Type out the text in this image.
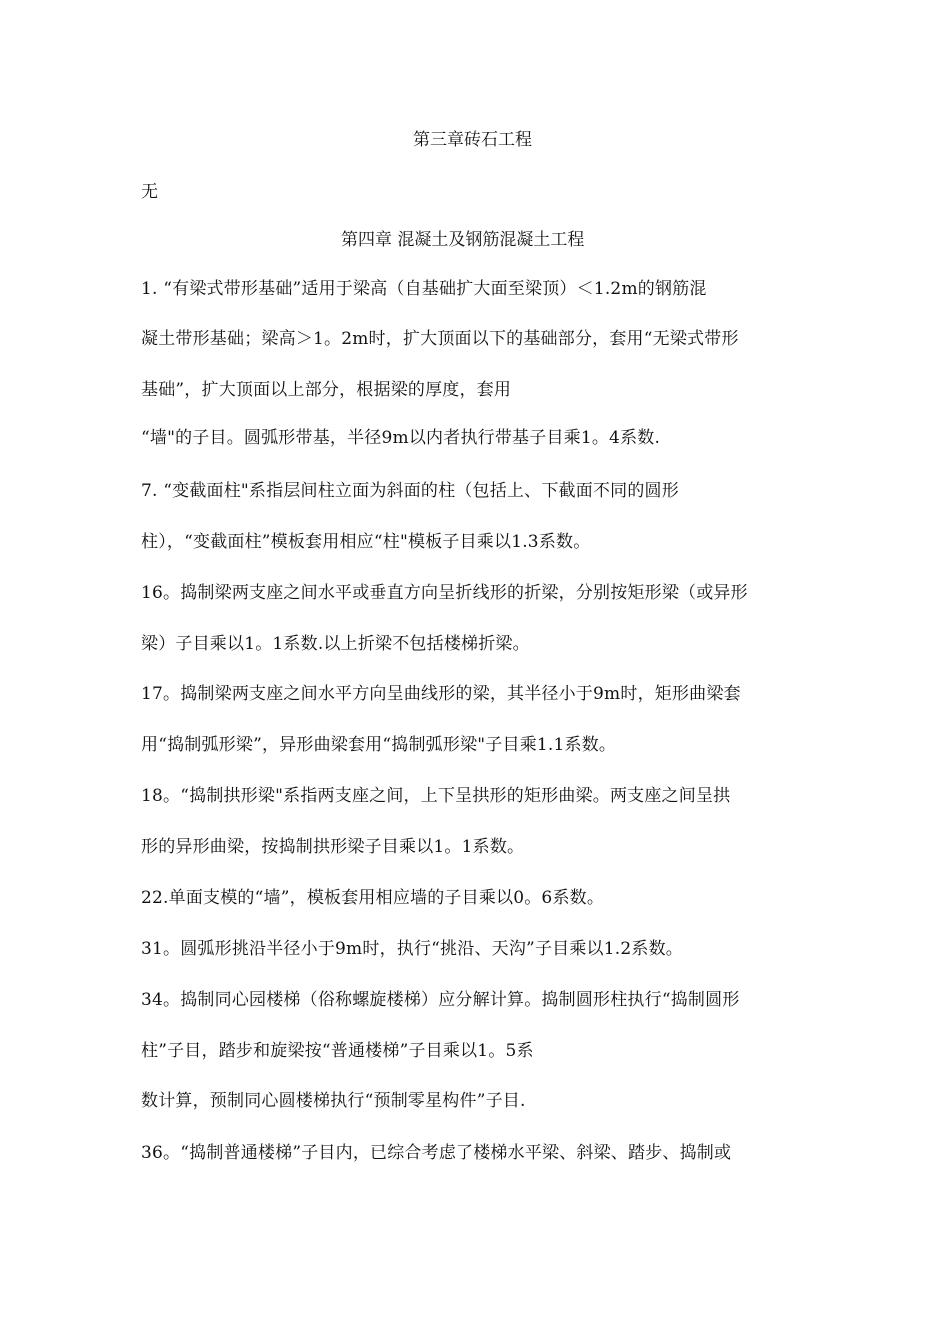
第三章砖石工程
无
第四章 混凝土及钢筋混凝土工程
1. “有梁式带形基础”适用于梁高（自基础扩大面至梁顶）＜1.2m的钢筋混
凝土带形基础；梁高＞1。2m时，扩大顶面以下的基础部分，套用“无梁式带形
基础”，扩大顶面以上部分，根据梁的厚度，套用
“墙"的子目。圆弧形带基，半径9m以内者执行带基子目乘1。4系数.
7. “变截面柱"系指层间柱立面为斜面的柱（包括上、下截面不同的圆形
柱），“变截面柱”模板套用相应“柱"模板子目乘以1.3系数。
16。捣制梁两支座之间水平或垂直方向呈折线形的折梁，分别按矩形梁（或异形
梁）子目乘以1。1系数.以上折梁不包括楼梯折梁。
17。捣制梁两支座之间水平方向呈曲线形的梁，其半径小于9m时，矩形曲梁套
用“捣制弧形梁”，异形曲梁套用“捣制弧形梁"子目乘1.1系数。
18。“捣制拱形梁"系指两支座之间，上下呈拱形的矩形曲梁。两支座之间呈拱
形的异形曲梁，按捣制拱形梁子目乘以1。1系数。
22.单面支模的“墙”，模板套用相应墙的子目乘以0。6系数。
31。圆弧形挑沿半径小于9m时，执行“挑沿、天沟”子目乘以1.2系数。
34。捣制同心园楼梯（俗称螺旋楼梯）应分解计算。捣制圆形柱执行“捣制圆形
柱”子目，踏步和旋梁按“普通楼梯”子目乘以1。5系
数计算，预制同心圆楼梯执行“预制零星构件”子目.
36。“捣制普通楼梯”子目内，已综合考虑了楼梯水平梁、斜梁、踏步、捣制或
